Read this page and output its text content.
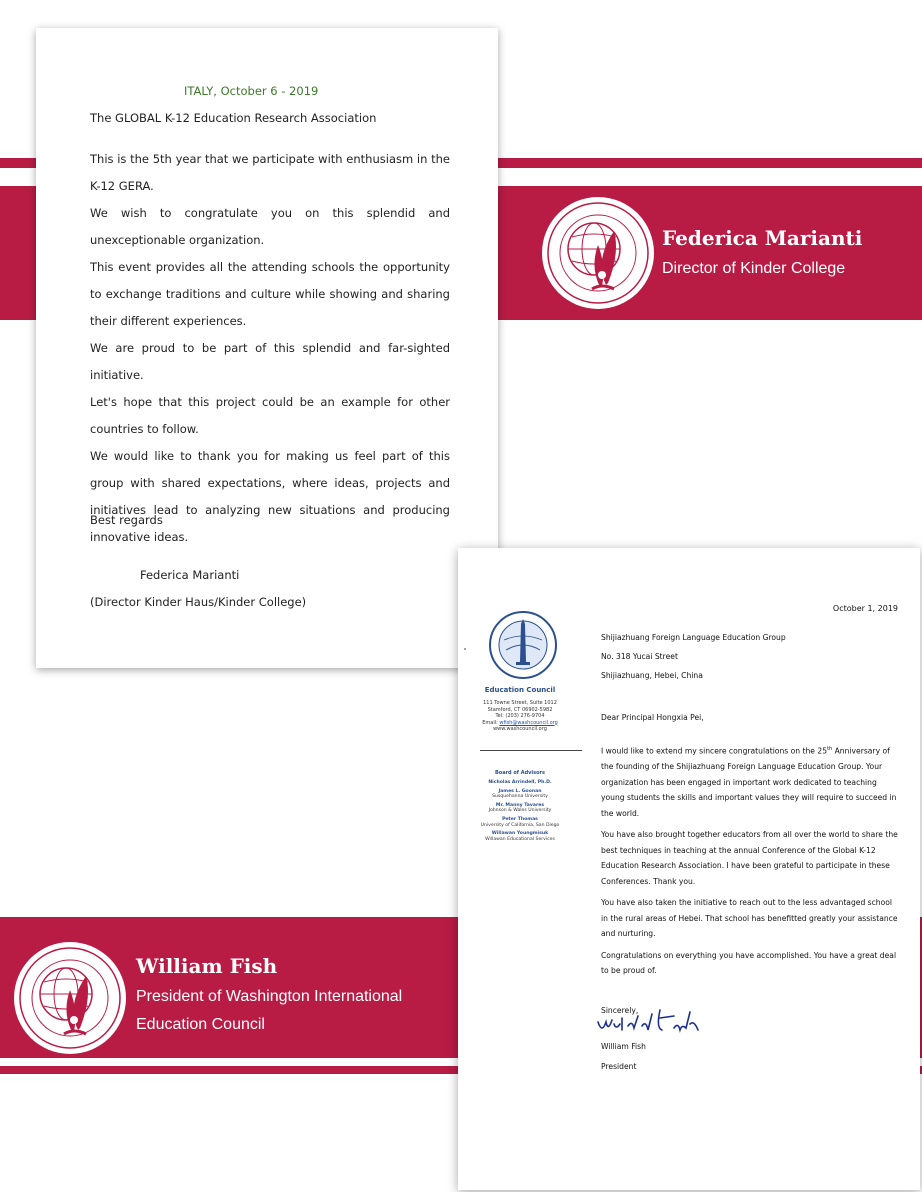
Federica Marianti
Director of Kinder College
William Fish
President of Washington International
Education Council
ITALY, October 6 - 2019
The GLOBAL K-12 Education Research Association

This is the 5th year that we participate with enthusiasm in the K-12 GERA.

We wish to congratulate you on this splendid and unexceptionable organization.

This event provides all the attending schools the opportunity to exchange traditions and culture while showing and sharing their different experiences.

We are proud to be part of this splendid and far-sighted initiative.

Let's hope that this project could be an example for other countries to follow.

We would like to thank you for making us feel part of this group with shared expectations, where ideas, projects and initiatives lead to analyzing new situations and producing innovative ideas.

Best regards
Federica Marianti
(Director Kinder Haus/Kinder College)	October 1, 2019
Education Council
111 Towne Street, Suite 1012
Stamford, CT 06902-5982
Tel: (203) 276-9704
Email: wfish@washcouncil.org
www.washcouncil.org
Board of Advisors
Nicholas Arrindell, Ph.D.
James L. Goonan
Susquehanna University
Mr. Manny Tavares
Johnson & Wales University
Peter Thomas
University of California, San Diego
Willawan Youngmisuk
Willawan Educational Services
Shijiazhuang Foreign Language Education Group
No. 318 Yucai Street
Shijiazhuang, Hebei, China
Dear Principal Hongxia Pei,

I would like to extend my sincere congratulations on the 25th Anniversary of the founding of the Shijiazhuang Foreign Language Education Group. Your organization has been engaged in important work dedicated to teaching young students the skills and important values they will require to succeed in the world.

You have also brought together educators from all over the world to share the best techniques in teaching at the annual Conference of the Global K-12 Education Research Association. I have been grateful to participate in these Conferences. Thank you.

You have also taken the initiative to reach out to the less advantaged school in the rural areas of Hebei. That school has benefitted greatly your assistance and nurturing.

Congratulations on everything you have accomplished. You have a great deal to be proud of.

Sincerely,
William Fish
President
